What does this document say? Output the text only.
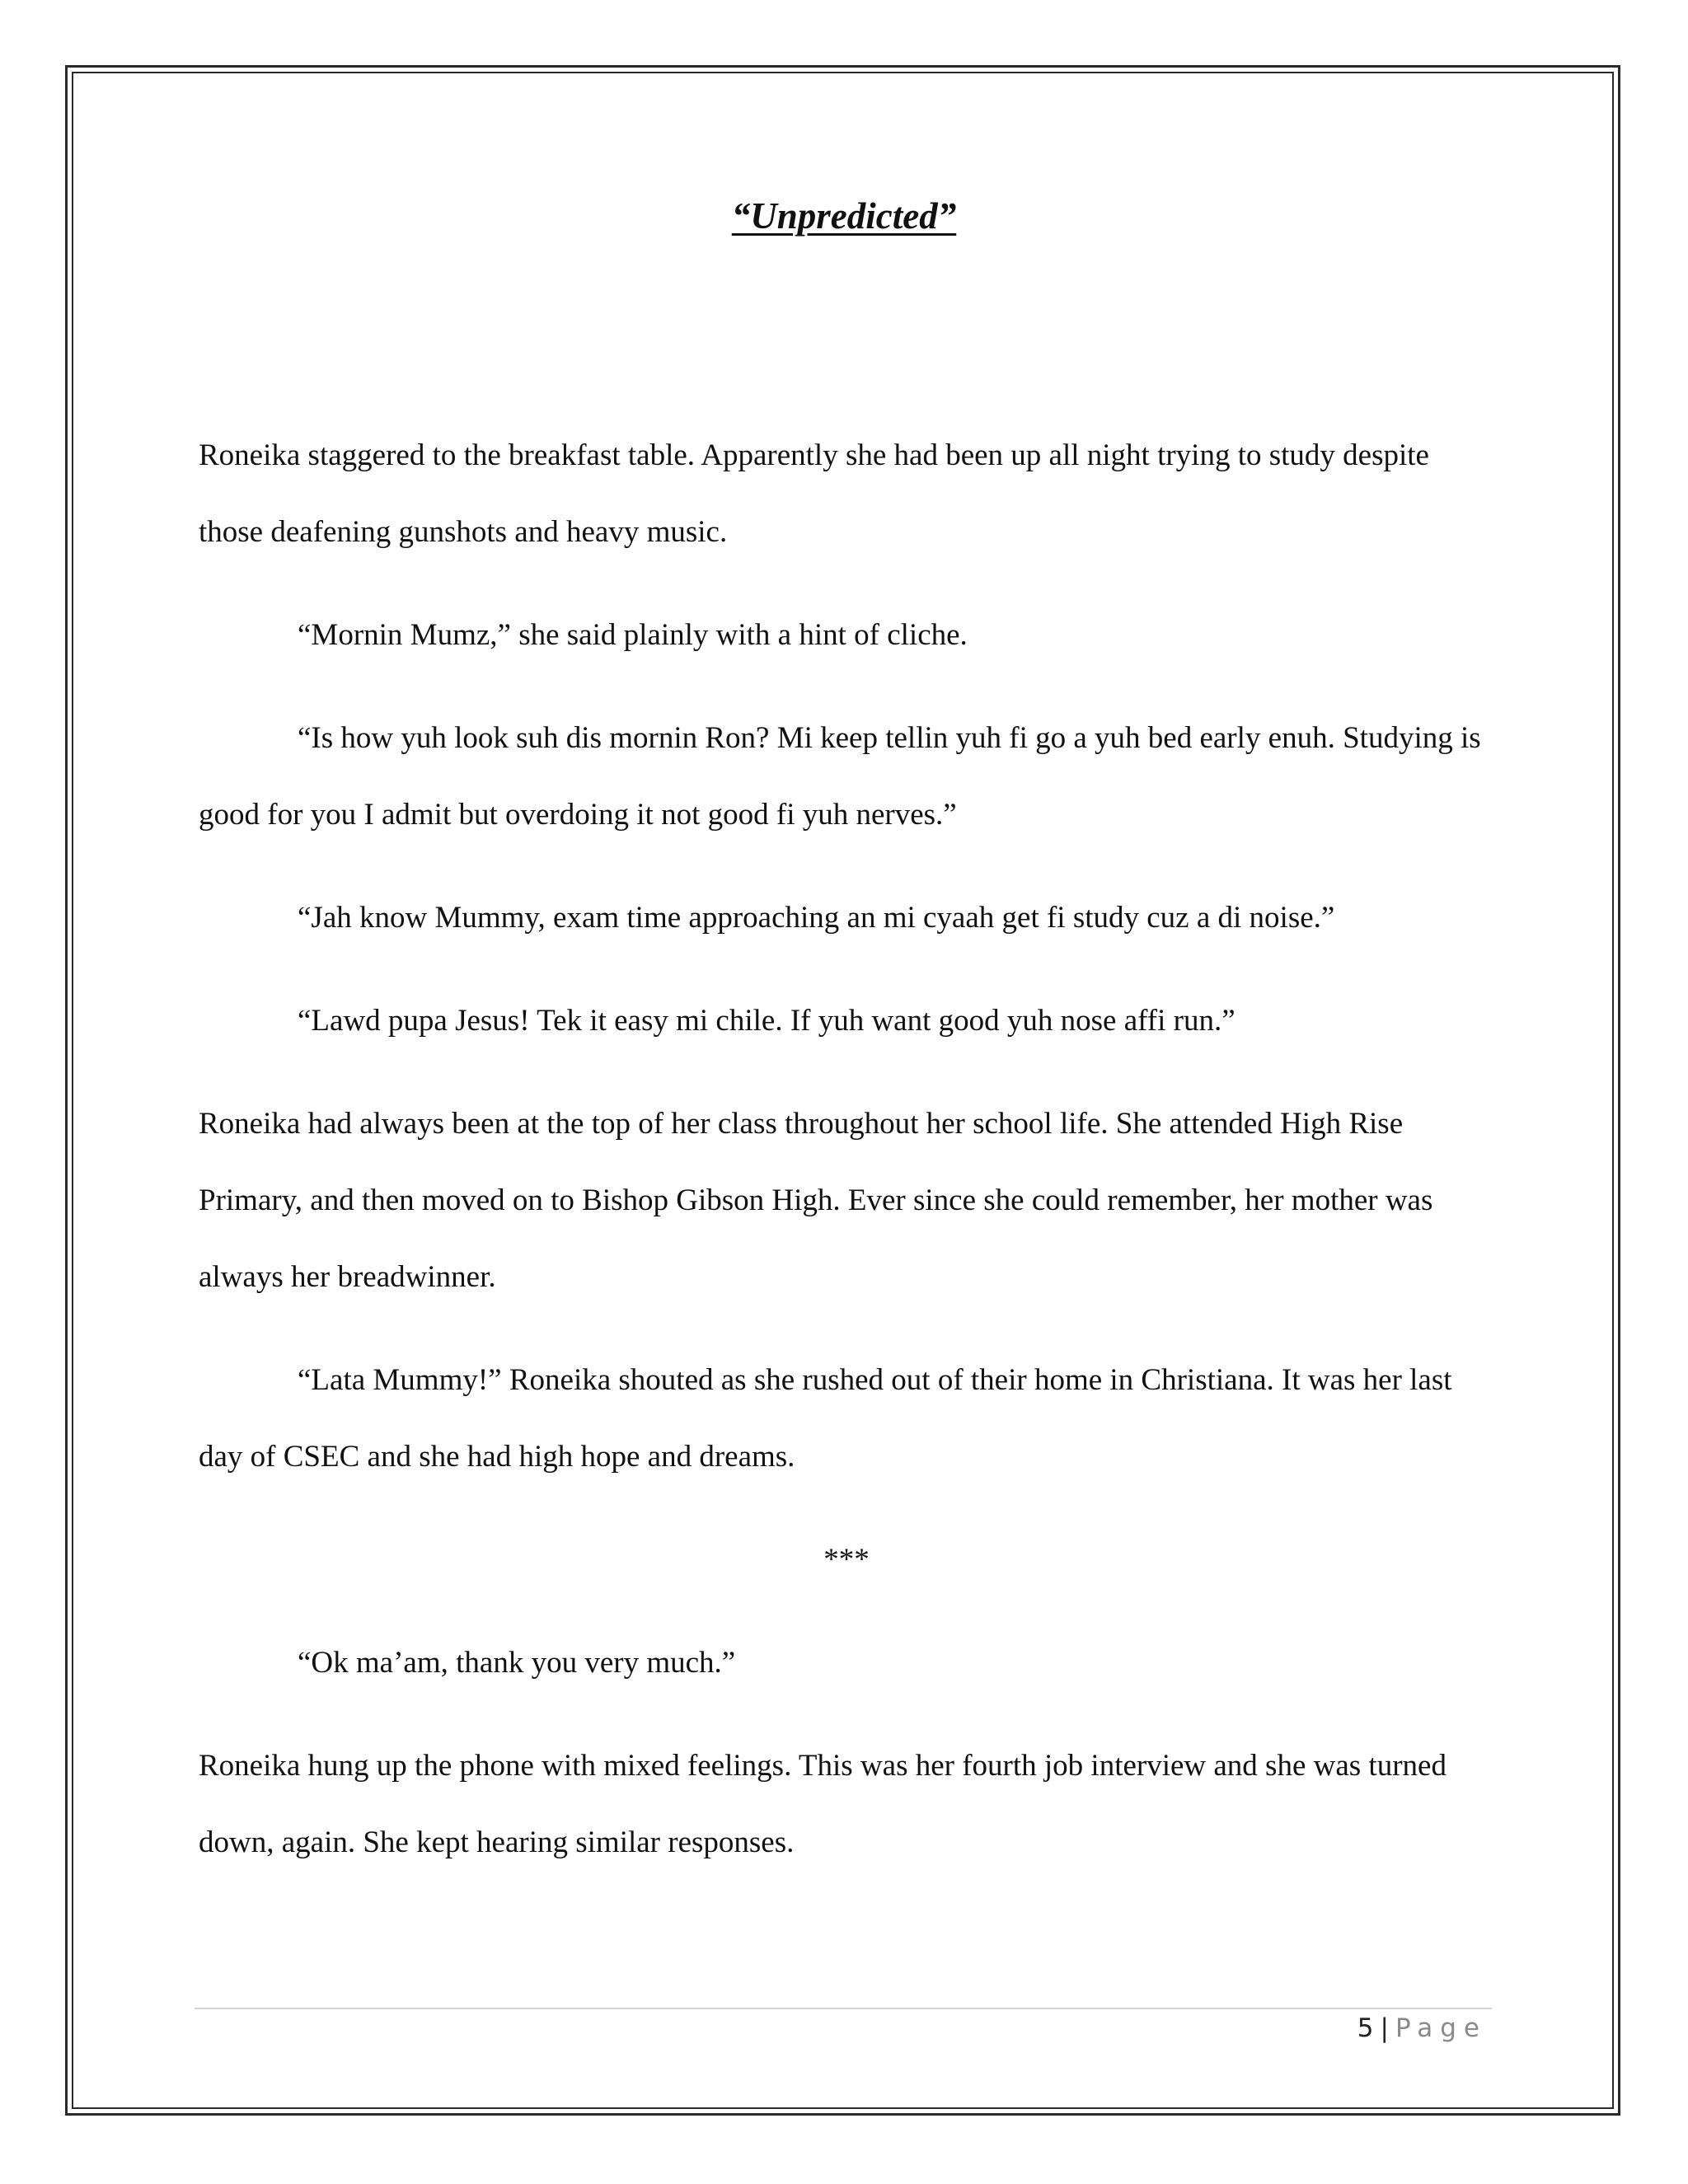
“Unpredicted”

Roneika staggered to the breakfast table. Apparently she had been up all night trying to study despite those deafening gunshots and heavy music.

“Mornin Mumz,” she said plainly with a hint of cliche.

“Is how yuh look suh dis mornin Ron? Mi keep tellin yuh fi go a yuh bed early enuh. Studying is good for you I admit but overdoing it not good fi yuh nerves.”

“Jah know Mummy, exam time approaching an mi cyaah get fi study cuz a di noise.”

“Lawd pupa Jesus! Tek it easy mi chile. If yuh want good yuh nose affi run.”

Roneika had always been at the top of her class throughout her school life. She attended High Rise Primary, and then moved on to Bishop Gibson High. Ever since she could remember, her mother was always her breadwinner.

“Lata Mummy!” Roneika shouted as she rushed out of their home in Christiana. It was her last day of CSEC and she had high hope and dreams.

***

“Ok ma’am, thank you very much.”

Roneika hung up the phone with mixed feelings. This was her fourth job interview and she was turned down, again. She kept hearing similar responses.

5 | Page
